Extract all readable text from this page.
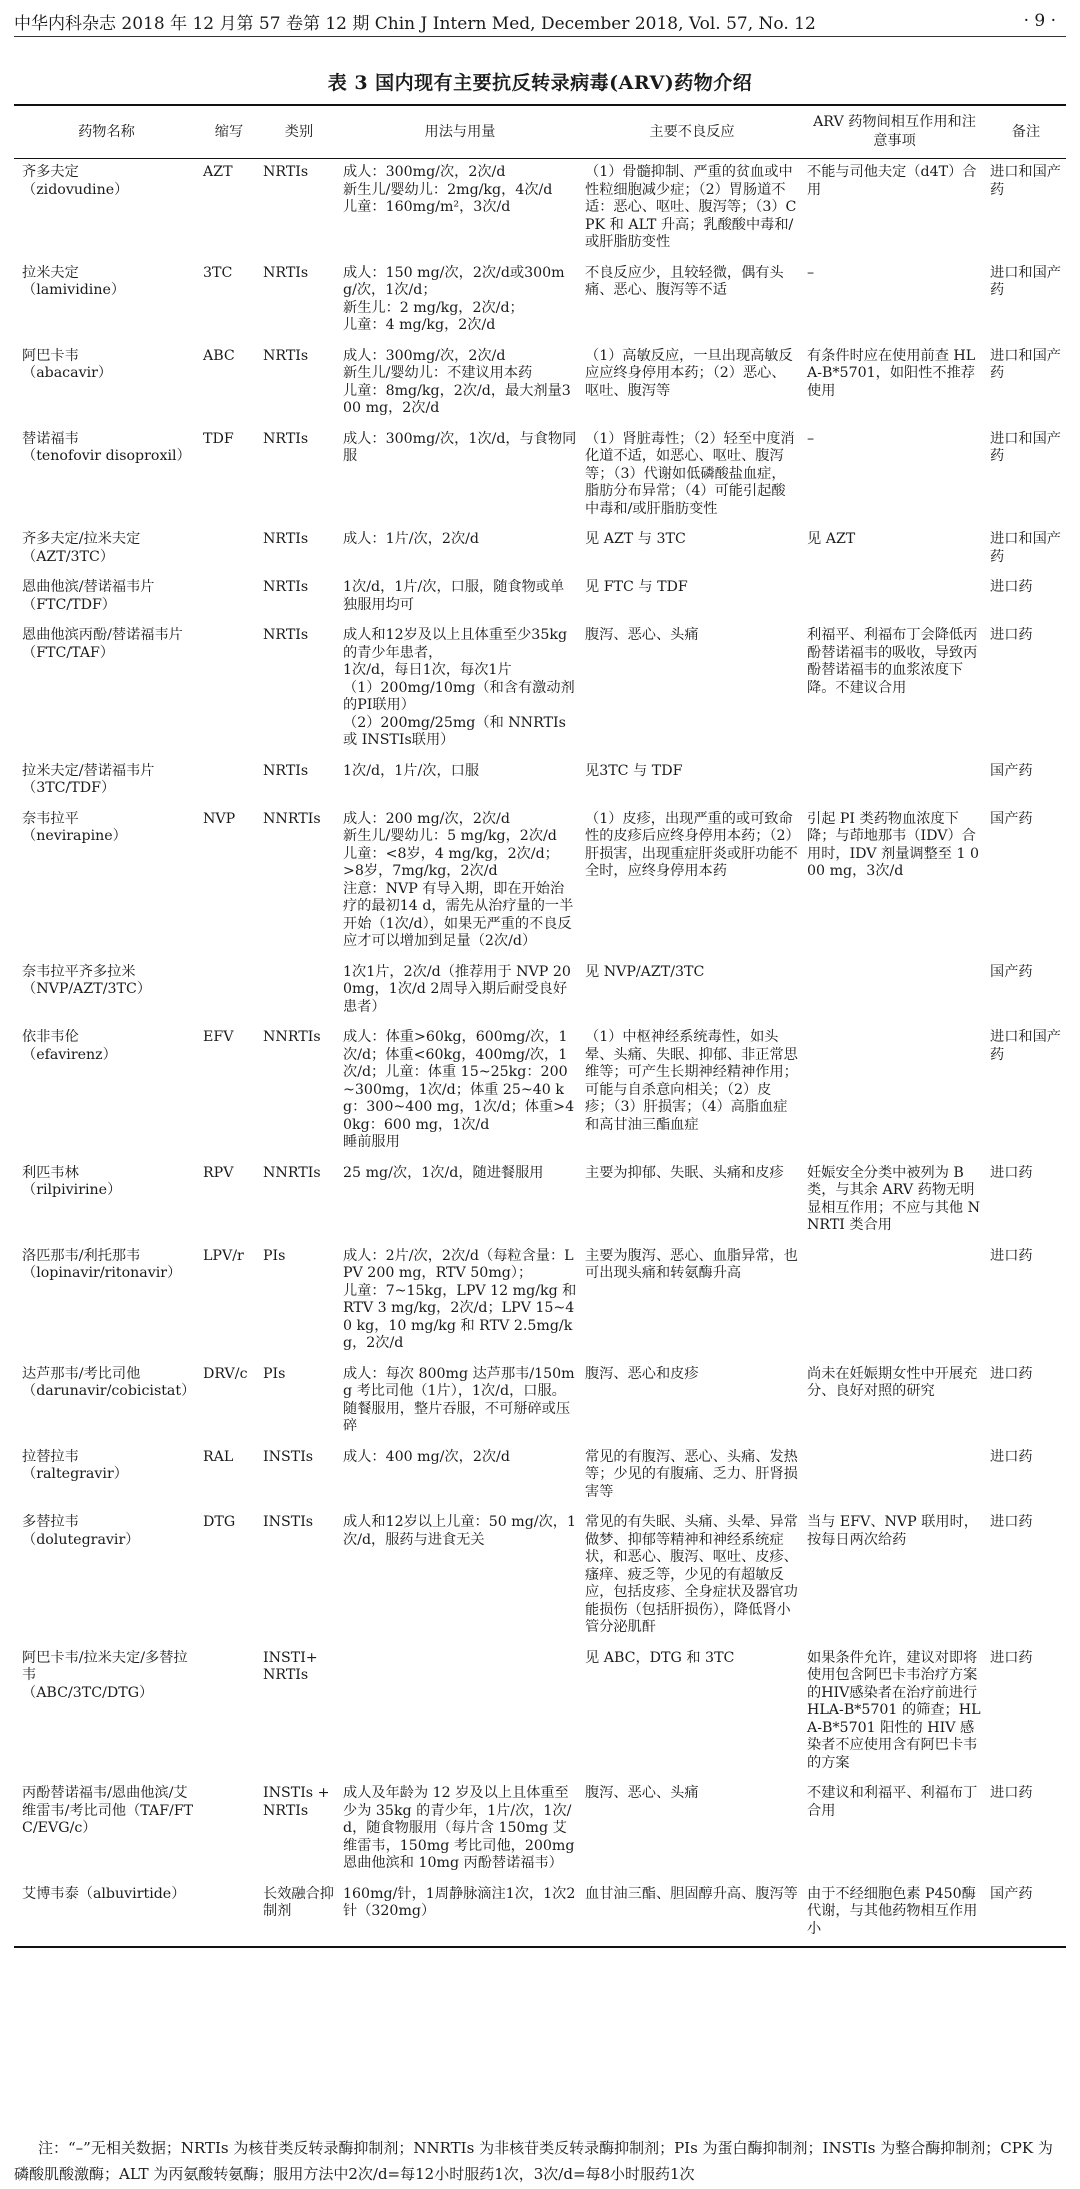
中华内科杂志 2018 年 12 月第 57 卷第 12 期 Chin J Intern Med, December 2018, Vol. 57, No. 12	· 9 ·
表 3 国内现有主要抗反转录病毒(ARV)药物介绍
药物名称	缩写	类别	用法与用量	主要不良反应	ARV 药物间相互作用和注意事项	备注
齐多夫定
（zidovudine）	AZT	NRTIs	成人：300mg/次，2次/d
新生儿/婴幼儿：2mg/kg，4次/d
儿童：160mg/m²，3次/d	（1）骨髓抑制、严重的贫血或中性粒细胞减少症；（2）胃肠道不适：恶心、呕吐、腹泻等；（3）CPK 和 ALT 升高；乳酸酸中毒和/或肝脂肪变性	不能与司他夫定（d4T）合用	进口和国产药
拉米夫定
（lamividine）	3TC	NRTIs	成人：150 mg/次，2次/d或300mg/次，1次/d；
新生儿：2 mg/kg，2次/d；
儿童：4 mg/kg，2次/d	不良反应少，且较轻微，偶有头痛、恶心、腹泻等不适	–	进口和国产药
阿巴卡韦
（abacavir）	ABC	NRTIs	成人：300mg/次，2次/d
新生儿/婴幼儿：不建议用本药
儿童：8mg/kg，2次/d，最大剂量300 mg，2次/d	（1）高敏反应，一旦出现高敏反应应终身停用本药；（2）恶心、呕吐、腹泻等	有条件时应在使用前查 HLA-B*5701，如阳性不推荐使用	进口和国产药
替诺福韦
（tenofovir disoproxil）	TDF	NRTIs	成人：300mg/次，1次/d，与食物同服	（1）肾脏毒性；（2）轻至中度消化道不适，如恶心、呕吐、腹泻等；（3）代谢如低磷酸盐血症，脂肪分布异常；（4）可能引起酸中毒和/或肝脂肪变性	–	进口和国产药
齐多夫定/拉米夫定
（AZT/3TC）		NRTIs	成人：1片/次，2次/d	见 AZT 与 3TC	见 AZT	进口和国产药
恩曲他滨/替诺福韦片
（FTC/TDF）		NRTIs	1次/d，1片/次，口服，随食物或单独服用均可	见 FTC 与 TDF		进口药
恩曲他滨丙酚/替诺福韦片
（FTC/TAF）		NRTIs	成人和12岁及以上且体重至少35kg的青少年患者，
1次/d，每日1次，每次1片
（1）200mg/10mg（和含有激动剂的PI联用）
（2）200mg/25mg（和 NNRTIs 或 INSTIs联用）	腹泻、恶心、头痛	利福平、利福布丁会降低丙酚替诺福韦的吸收，导致丙酚替诺福韦的血浆浓度下降。不建议合用	进口药
拉米夫定/替诺福韦片
（3TC/TDF）		NRTIs	1次/d，1片/次，口服	见3TC 与 TDF		国产药
奈韦拉平
（nevirapine）	NVP	NNRTIs	成人：200 mg/次，2次/d
新生儿/婴幼儿：5 mg/kg，2次/d
儿童：<8岁，4 mg/kg，2次/d；
>8岁，7mg/kg，2次/d
注意：NVP 有导入期，即在开始治疗的最初14 d，需先从治疗量的一半开始（1次/d），如果无严重的不良反应才可以增加到足量（2次/d）	（1）皮疹，出现严重的或可致命性的皮疹后应终身停用本药；（2）肝损害，出现重症肝炎或肝功能不全时，应终身停用本药	引起 PI 类药物血浓度下降；与茚地那韦（IDV）合用时，IDV 剂量调整至 1 000 mg，3次/d	国产药
奈韦拉平齐多拉米
（NVP/AZT/3TC）			1次1片，2次/d（推荐用于 NVP 200mg，1次/d 2周导入期后耐受良好患者）	见 NVP/AZT/3TC		国产药
依非韦伦
（efavirenz）	EFV	NNRTIs	成人：体重>60kg，600mg/次，1次/d；体重<60kg，400mg/次，1次/d；儿童：体重 15~25kg：200~300mg，1次/d；体重 25~40 kg：300~400 mg，1次/d；体重>40kg：600 mg，1次/d
睡前服用	（1）中枢神经系统毒性，如头晕、头痛、失眠、抑郁、非正常思维等；可产生长期神经精神作用；可能与自杀意向相关；（2）皮疹；（3）肝损害；（4）高脂血症和高甘油三酯血症		进口和国产药
利匹韦林
（rilpivirine）	RPV	NNRTIs	25 mg/次，1次/d，随进餐服用	主要为抑郁、失眠、头痛和皮疹	妊娠安全分类中被列为 B 类，与其余 ARV 药物无明显相互作用；不应与其他 NNRTI 类合用	进口药
洛匹那韦/利托那韦
（lopinavir/ritonavir）	LPV/r	PIs	成人：2片/次，2次/d（每粒含量：LPV 200 mg，RTV 50mg）；
儿童：7~15kg，LPV 12 mg/kg 和 RTV 3 mg/kg，2次/d；LPV 15~40 kg，10 mg/kg 和 RTV 2.5mg/kg，2次/d	主要为腹泻、恶心、血脂异常，也可出现头痛和转氨酶升高		进口药
达芦那韦/考比司他
（darunavir/cobicistat）	DRV/c	PIs	成人：每次 800mg 达芦那韦/150mg 考比司他（1片），1次/d，口服。随餐服用，整片吞服，不可掰碎或压碎	腹泻、恶心和皮疹	尚未在妊娠期女性中开展充分、良好对照的研究	进口药
拉替拉韦
（raltegravir）	RAL	INSTIs	成人：400 mg/次，2次/d	常见的有腹泻、恶心、头痛、发热等；少见的有腹痛、乏力、肝肾损害等		进口药
多替拉韦
（dolutegravir）	DTG	INSTIs	成人和12岁以上儿童：50 mg/次，1次/d，服药与进食无关	常见的有失眠、头痛、头晕、异常做梦、抑郁等精神和神经系统症状，和恶心、腹泻、呕吐、皮疹、瘙痒、疲乏等，少见的有超敏反应，包括皮疹、全身症状及器官功能损伤（包括肝损伤），降低肾小管分泌肌酐	当与 EFV、NVP 联用时，按每日两次给药	进口药
阿巴卡韦/拉米夫定/多替拉韦
（ABC/3TC/DTG）		INSTI+
NRTIs		见 ABC，DTG 和 3TC	如果条件允许，建议对即将使用包含阿巴卡韦治疗方案的HIV感染者在治疗前进行 HLA-B*5701 的筛查；HLA-B*5701 阳性的 HIV 感染者不应使用含有阿巴卡韦的方案	进口药
丙酚替诺福韦/恩曲他滨/艾维雷韦/考比司他（TAF/FTC/EVG/c）		INSTIs +
NRTIs	成人及年龄为 12 岁及以上且体重至少为 35kg 的青少年，1片/次，1次/d，随食物服用（每片含 150mg 艾维雷韦，150mg 考比司他，200mg 恩曲他滨和 10mg 丙酚替诺福韦）	腹泻、恶心、头痛	不建议和利福平、利福布丁合用	进口药
艾博韦泰（albuvirtide）		长效融合抑制剂	160mg/针，1周静脉滴注1次，1次2针（320mg）	血甘油三酯、胆固醇升高、腹泻等	由于不经细胞色素 P450酶代谢，与其他药物相互作用小	国产药
注：“–”无相关数据；NRTIs 为核苷类反转录酶抑制剂；NNRTIs 为非核苷类反转录酶抑制剂；PIs 为蛋白酶抑制剂；INSTIs 为整合酶抑制剂；CPK 为磷酸肌酸激酶；ALT 为丙氨酸转氨酶；服用方法中2次/d=每12小时服药1次，3次/d=每8小时服药1次
